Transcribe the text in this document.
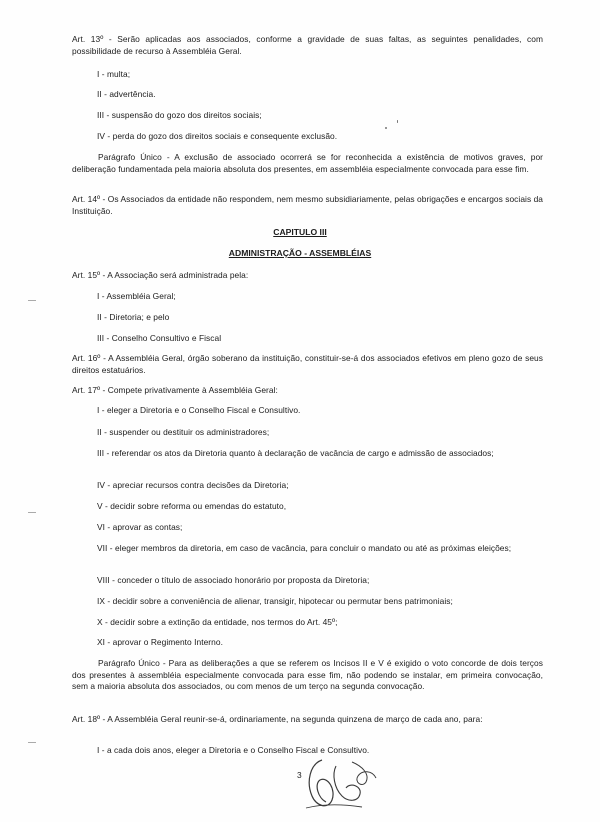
Art. 13º - Serão aplicadas aos associados, conforme a gravidade de suas faltas, as seguintes penalidades, com possibilidade de recurso à Assembléia Geral.
I - multa;
II - advertência.
III - suspensão do gozo dos direitos sociais;
IV - perda do gozo dos direitos sociais e consequente exclusão.
Parágrafo Único - A exclusão de associado ocorrerá se for reconhecida a existência de motivos graves, por deliberação fundamentada pela maioria absoluta dos presentes, em assembléia especialmente convocada para esse fim.
Art. 14º - Os Associados da entidade não respondem, nem mesmo subsidiariamente, pelas obrigações e encargos sociais da Instituição.
CAPITULO III
ADMINISTRAÇÃO - ASSEMBLÉIAS
Art. 15º - A Associação será administrada pela:
I - Assembléia Geral;
II - Diretoria; e pelo
III - Conselho Consultivo e Fiscal
Art. 16º - A Assembléia Geral, órgão soberano da instituição, constituir-se-á dos associados efetivos em pleno gozo de seus direitos estatuários.
Art. 17º - Compete privativamente à Assembléia Geral:
I - eleger a Diretoria e o Conselho Fiscal e Consultivo.
II - suspender ou destituir os administradores;
III - referendar os atos da Diretoria quanto à declaração de vacância de cargo e admissão de associados;
IV - apreciar recursos contra decisões da Diretoria;
V - decidir sobre reforma ou emendas do estatuto,
VI - aprovar as contas;
VII - eleger membros da diretoria, em caso de vacância, para concluir o mandato ou até as próximas eleições;
VIII - conceder o título de associado honorário por proposta da Diretoria;
IX - decidir sobre a conveniência de alienar, transigir, hipotecar ou permutar bens patrimoniais;
X - decidir sobre a extinção da entidade, nos termos do Art. 45º;
XI - aprovar o Regimento Interno.
Parágrafo Único - Para as deliberações a que se referem os Incisos II e V é exigido o voto concorde de dois terços dos presentes à assembléia especialmente convocada para esse fim, não podendo se instalar, em primeira convocação, sem a maioria absoluta dos associados, ou com menos de um terço na segunda convocação.
Art. 18º - A Assembléia Geral reunir-se-á, ordinariamente, na segunda quinzena de março de cada ano, para:
I - a cada dois anos, eleger a Diretoria e o Conselho Fiscal e Consultivo.
3
